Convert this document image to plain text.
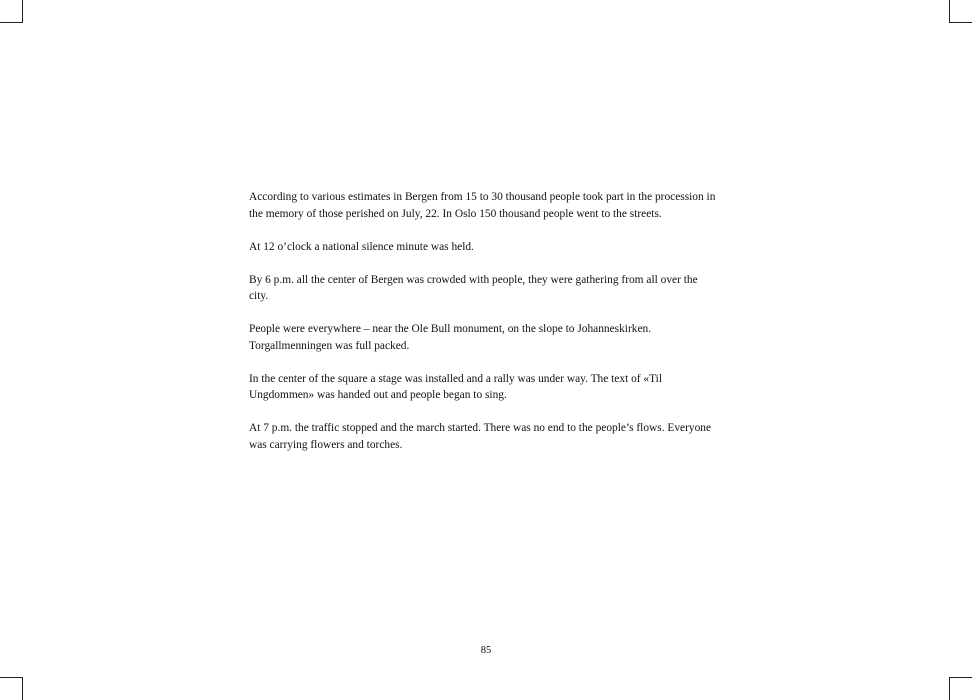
According to various estimates in Bergen from 15 to 30 thousand people took part in the procession in the memory of those perished on July, 22. In Oslo 150 thousand people went to the streets.

At 12 o’clock a national silence minute was held.

By 6 p.m. all the center of Bergen was crowded with people, they were gathering from all over the city.

People were everywhere – near the Ole Bull monument, on the slope to Johanneskirken. Torgallmenningen was full packed.

In the center of the square a stage was installed and a rally was under way. The text of «Til Ungdommen» was handed out and people began to sing.

At 7 p.m. the traffic stopped and the march started. There was no end to the people’s flows. Everyone was carrying flowers and torches.

85
